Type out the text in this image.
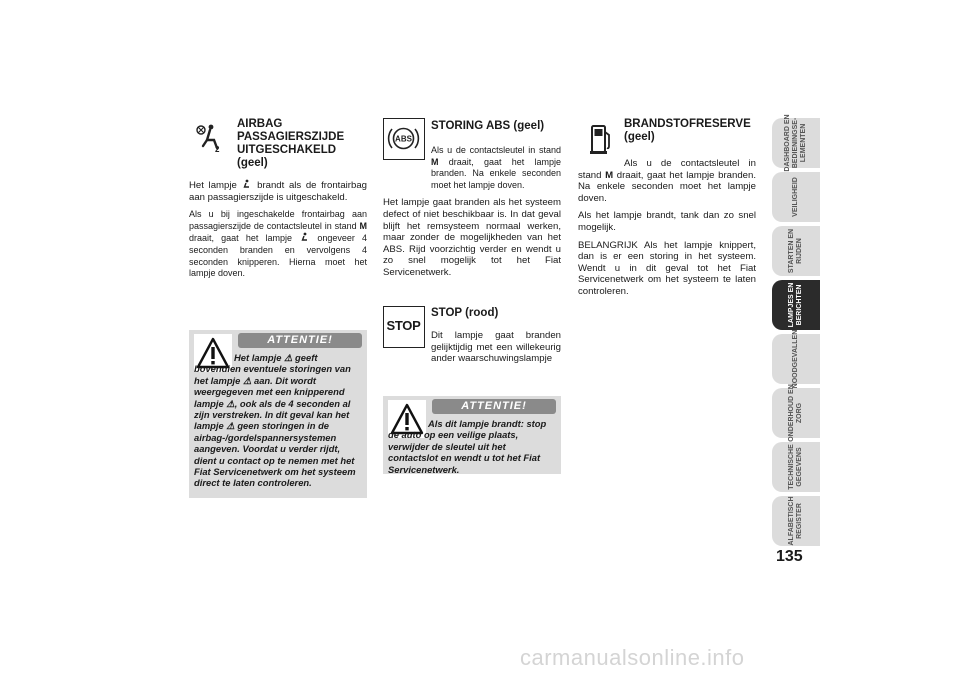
2
AIRBAG
PASSAGIERSZIJDE
UITGESCHAKELD
(geel)

Het lampje brandt als de frontairbag aan passagierszijde is uitgeschakeld.

Als u bij ingeschakelde frontairbag aan passagierszijde de contactsleutel in stand M draait, gaat het lampje	ongeveer 4 seconden branden en vervolgens 4 seconden knipperen. Hierna moet het lampje doven.

ATTENTIE!
Het lampje ⚠ geeft bovendien eventuele storingen van het lampje ⚠ aan. Dit wordt weergegeven met een knipperend lampje ⚠, ook als de 4 seconden al zijn verstreken. In dit geval kan het lampje ⚠ geen storingen in de airbag-/gordelspannersystemen aangeven. Voordat u verder rijdt, dient u contact op te nemen met het Fiat Servicenetwerk om het systeem direct te laten controleren.
ABS
STORING ABS (geel)

Als u de contactsleutel in stand M draait, gaat het lampje branden. Na enkele seconden moet het lampje doven.

Het lampje gaat branden als het systeem defect of niet beschikbaar is. In dat geval blijft het remsysteem normaal werken, maar zonder de mogelijkheden van het ABS. Rijd voorzichtig verder en wendt u zo snel mogelijk tot het Fiat Servicenetwerk.

STOP
STOP (rood)

Dit lampje gaat branden gelijktijdig met een willekeurig ander waarschuwingslampje

ATTENTIE!
Als dit lampje brandt: stop de auto op een veilige plaats, verwijder de sleutel uit het contactslot en wendt u tot het Fiat Servicenetwerk.
BRANDSTOFRESERVE
(geel)

Als u de contactsleutel in stand M draait, gaat het lampje branden. Na enkele seconden moet het lampje doven.

Als het lampje brandt, tank dan zo snel mogelijk.

BELANGRIJK Als het lampje knippert, dan is er een storing in het systeem. Wendt u in dit geval tot het Fiat Servicenetwerk om het systeem te laten controleren.

DASHBOARD EN BEDIENINGSE-LEMENTEN
VEILIGHEID
STARTEN EN RIJDEN
LAMPJES EN BERICHTEN
NOODGEVALLEN
ONDERHOUD EN ZORG
TECHNISCHE GEGEVENS
ALFABETISCH REGISTER
135
carmanualsonline.info
